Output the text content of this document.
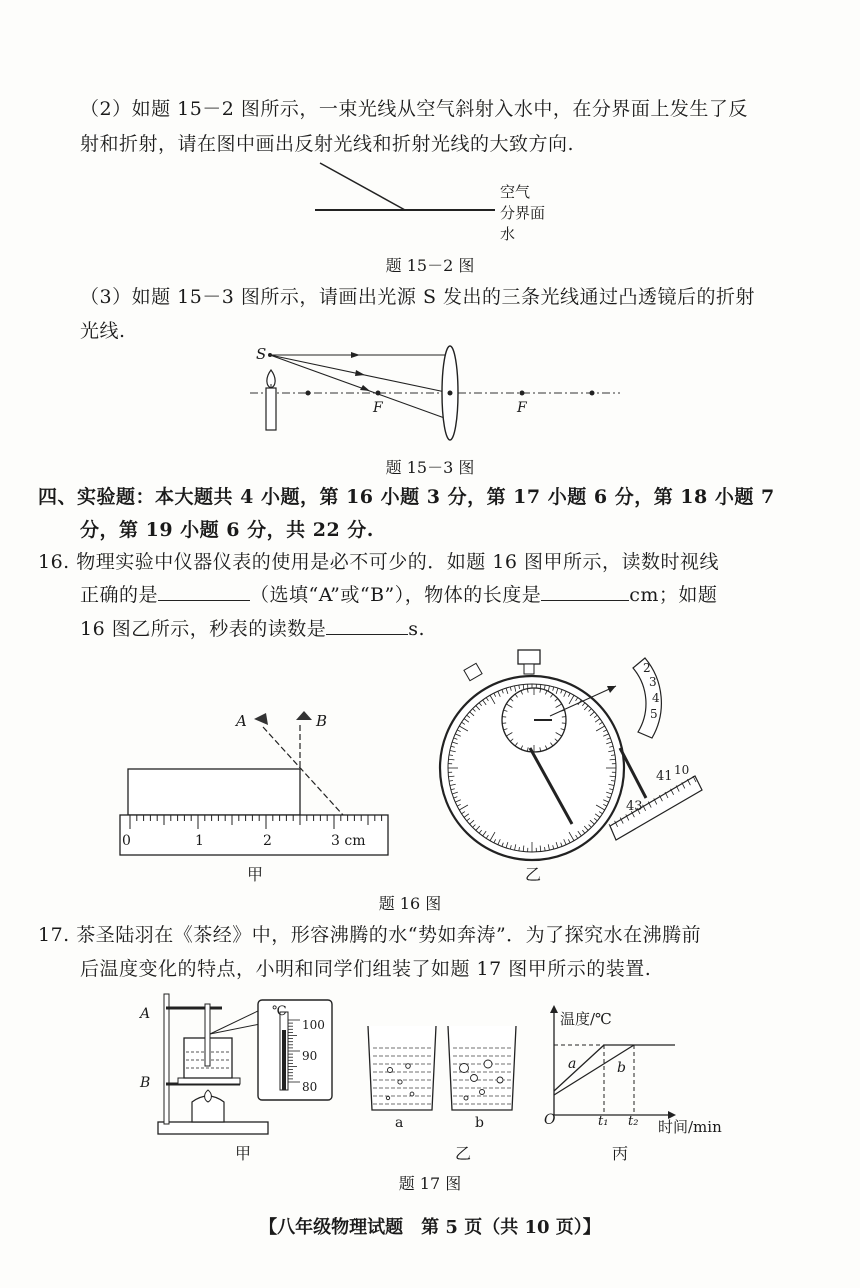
（2）如题 15－2 图所示，一束光线从空气斜射入水中，在分界面上发生了反
射和折射，请在图中画出反射光线和折射光线的大致方向.
空气
分界面
水
题 15－2 图
（3）如题 15－3 图所示，请画出光源 S 发出的三条光线通过凸透镜后的折射
光线.
S
F	F
题 15－3 图
四、实验题：本大题共 4 小题，第 16 小题 3 分，第 17 小题 6 分，第 18 小题 7
分，第 19 小题 6 分，共 22 分.
16. 物理实验中仪器仪表的使用是必不可少的．如题 16 图甲所示，读数时视线
正确的是	（选填“A”或“B”），物体的长度是	cm；如题
16 图乙所示，秒表的读数是	s.
0	1	2	3 cm
A	B
甲
2
3
4
5
43
41 10
乙
题 16 图
17. 茶圣陆羽在《茶经》中，形容沸腾的水“势如奔涛”．为了探究水在沸腾前
后温度变化的特点，小明和同学们组装了如题 17 图甲所示的装置.
A
B
℃
100
90
80
甲
a	b
乙
温度/℃
时间/min
O
a	b
t₁ t₂
丙
题 17 图
【八年级物理试题　第 5 页（共 10 页）】
